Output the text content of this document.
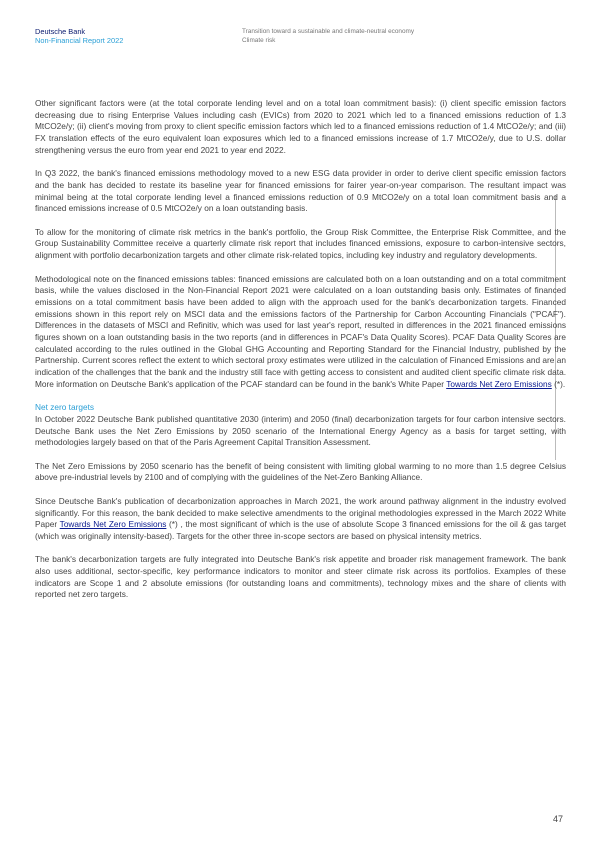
Deutsche Bank
Non-Financial Report 2022
Transition toward a sustainable and climate-neutral economy
Climate risk

Other significant factors were (at the total corporate lending level and on a total loan commitment basis): (i) client specific emission factors decreasing due to rising Enterprise Values including cash (EVICs) from 2020 to 2021 which led to a financed emissions reduction of 1.3 MtCO2e/y; (ii) client's moving from proxy to client specific emission factors which led to a financed emissions reduction of 1.4 MtCO2e/y; and (iii) FX translation effects of the euro equivalent loan exposures which led to a financed emissions increase of 1.7 MtCO2e/y, due to U.S. dollar strengthening versus the euro from year end 2021 to year end 2022.

In Q3 2022, the bank's financed emissions methodology moved to a new ESG data provider in order to derive client specific emission factors and the bank has decided to restate its baseline year for financed emissions for fairer year-on-year comparison. The resultant impact was minimal being at the total corporate lending level a financed emissions reduction of 0.9 MtCO2e/y on a total loan commitment basis and a financed emissions increase of 0.5 MtCO2e/y on a loan outstanding basis.

To allow for the monitoring of climate risk metrics in the bank's portfolio, the Group Risk Committee, the Enterprise Risk Committee, and the Group Sustainability Committee receive a quarterly climate risk report that includes financed emissions, exposure to carbon-intensive sectors, alignment with portfolio decarbonization targets and other climate risk-related topics, including key industry and regulatory developments.

Methodological note on the financed emissions tables: financed emissions are calculated both on a loan outstanding and on a total commitment basis, while the values disclosed in the Non-Financial Report 2021 were calculated on a loan outstanding basis only. Estimates of financed emissions on a total commitment basis have been added to align with the approach used for the bank's decarbonization targets. Financed emissions shown in this report rely on MSCI data and the emissions factors of the Partnership for Carbon Accounting Financials ("PCAF"). Differences in the datasets of MSCI and Refinitiv, which was used for last year's report, resulted in differences in the 2021 financed emissions figures shown on a loan outstanding basis in the two reports (and in differences in PCAF's Data Quality Scores). PCAF Data Quality Scores are calculated according to the rules outlined in the Global GHG Accounting and Reporting Standard for the Financial Industry, published by the Partnership. Current scores reflect the extent to which sectoral proxy estimates were utilized in the calculation of Financed Emissions and are an indication of the challenges that the bank and the industry still face with getting access to consistent and audited client specific climate risk data. More information on Deutsche Bank's application of the PCAF standard can be found in the bank's White Paper Towards Net Zero Emissions (*).

Net zero targets

In October 2022 Deutsche Bank published quantitative 2030 (interim) and 2050 (final) decarbonization targets for four carbon intensive sectors. Deutsche Bank uses the Net Zero Emissions by 2050 scenario of the International Energy Agency as a basis for target setting, with methodologies largely based on that of the Paris Agreement Capital Transition Assessment.

The Net Zero Emissions by 2050 scenario has the benefit of being consistent with limiting global warming to no more than 1.5 degree Celsius above pre-industrial levels by 2100 and of complying with the guidelines of the Net-Zero Banking Alliance.

Since Deutsche Bank's publication of decarbonization approaches in March 2021, the work around pathway alignment in the industry evolved significantly. For this reason, the bank decided to make selective amendments to the original methodologies expressed in the March 2022 White Paper Towards Net Zero Emissions (*) , the most significant of which is the use of absolute Scope 3 financed emissions for the oil & gas target (which was originally intensity-based). Targets for the other three in-scope sectors are based on physical intensity metrics.

The bank's decarbonization targets are fully integrated into Deutsche Bank's risk appetite and broader risk management framework. The bank also uses additional, sector-specific, key performance indicators to monitor and steer climate risk across its portfolios. Examples of these indicators are Scope 1 and 2 absolute emissions (for outstanding loans and commitments), technology mixes and the share of clients with reported net zero targets.

47
